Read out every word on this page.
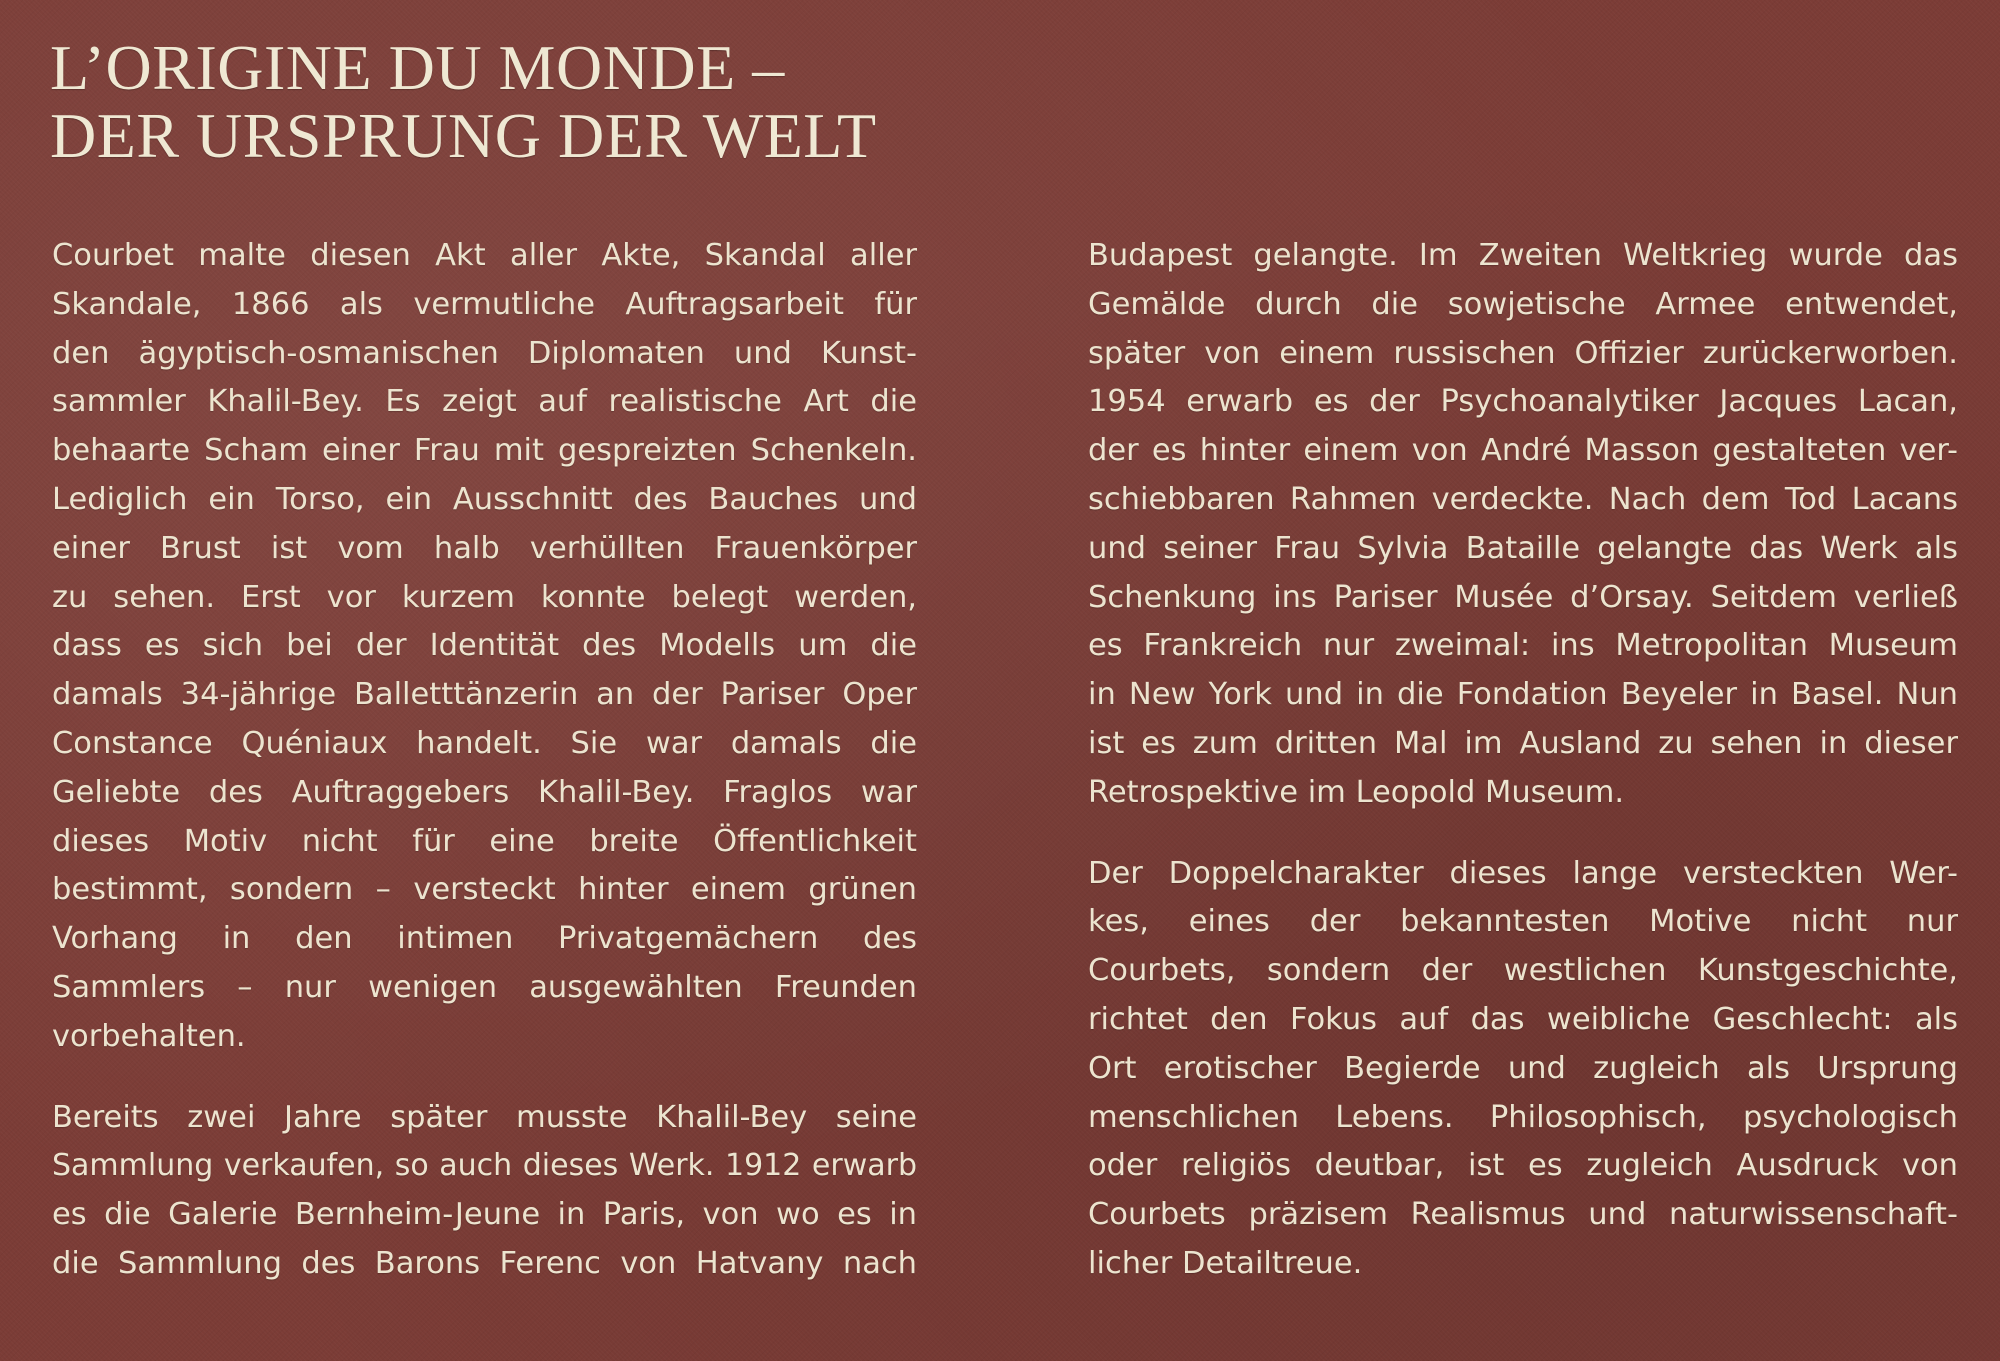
L’ORIGINE DU MONDE –
DER URSPRUNG DER WELT
Courbet malte diesen Akt aller Akte, Skandal aller
Skandale, 1866 als vermutliche Auftragsarbeit für
den ägyptisch-osmanischen Diplomaten und Kunst-
sammler Khalil-Bey. Es zeigt auf realistische Art die
behaarte Scham einer Frau mit gespreizten Schenkeln.
Lediglich ein Torso, ein Ausschnitt des Bauches und
einer Brust ist vom halb verhüllten Frauenkörper
zu sehen. Erst vor kurzem konnte belegt werden,
dass es sich bei der Identität des Modells um die
damals 34-jährige Balletttänzerin an der Pariser Oper
Constance Quéniaux handelt. Sie war damals die
Geliebte des Auftraggebers Khalil-Bey. Fraglos war
dieses Motiv nicht für eine breite Öffentlichkeit
bestimmt, sondern – versteckt hinter einem grünen
Vorhang in den intimen Privatgemächern des
Sammlers – nur wenigen ausgewählten Freunden
vorbehalten.
Bereits zwei Jahre später musste Khalil-Bey seine
Sammlung verkaufen, so auch dieses Werk. 1912 erwarb
es die Galerie Bernheim-Jeune in Paris, von wo es in
die Sammlung des Barons Ferenc von Hatvany nach
Budapest gelangte. Im Zweiten Weltkrieg wurde das
Gemälde durch die sowjetische Armee entwendet,
später von einem russischen Offizier zurückerworben.
1954 erwarb es der Psychoanalytiker Jacques Lacan,
der es hinter einem von André Masson gestalteten ver-
schiebbaren Rahmen verdeckte. Nach dem Tod Lacans
und seiner Frau Sylvia Bataille gelangte das Werk als
Schenkung ins Pariser Musée d’Orsay. Seitdem verließ
es Frankreich nur zweimal: ins Metropolitan Museum
in New York und in die Fondation Beyeler in Basel. Nun
ist es zum dritten Mal im Ausland zu sehen in dieser
Retrospektive im Leopold Museum.
Der Doppelcharakter dieses lange versteckten Wer-
kes, eines der bekanntesten Motive nicht nur
Courbets, sondern der westlichen Kunstgeschichte,
richtet den Fokus auf das weibliche Geschlecht: als
Ort erotischer Begierde und zugleich als Ursprung
menschlichen Lebens. Philosophisch, psychologisch
oder religiös deutbar, ist es zugleich Ausdruck von
Courbets präzisem Realismus und naturwissenschaft-
licher Detailtreue.
